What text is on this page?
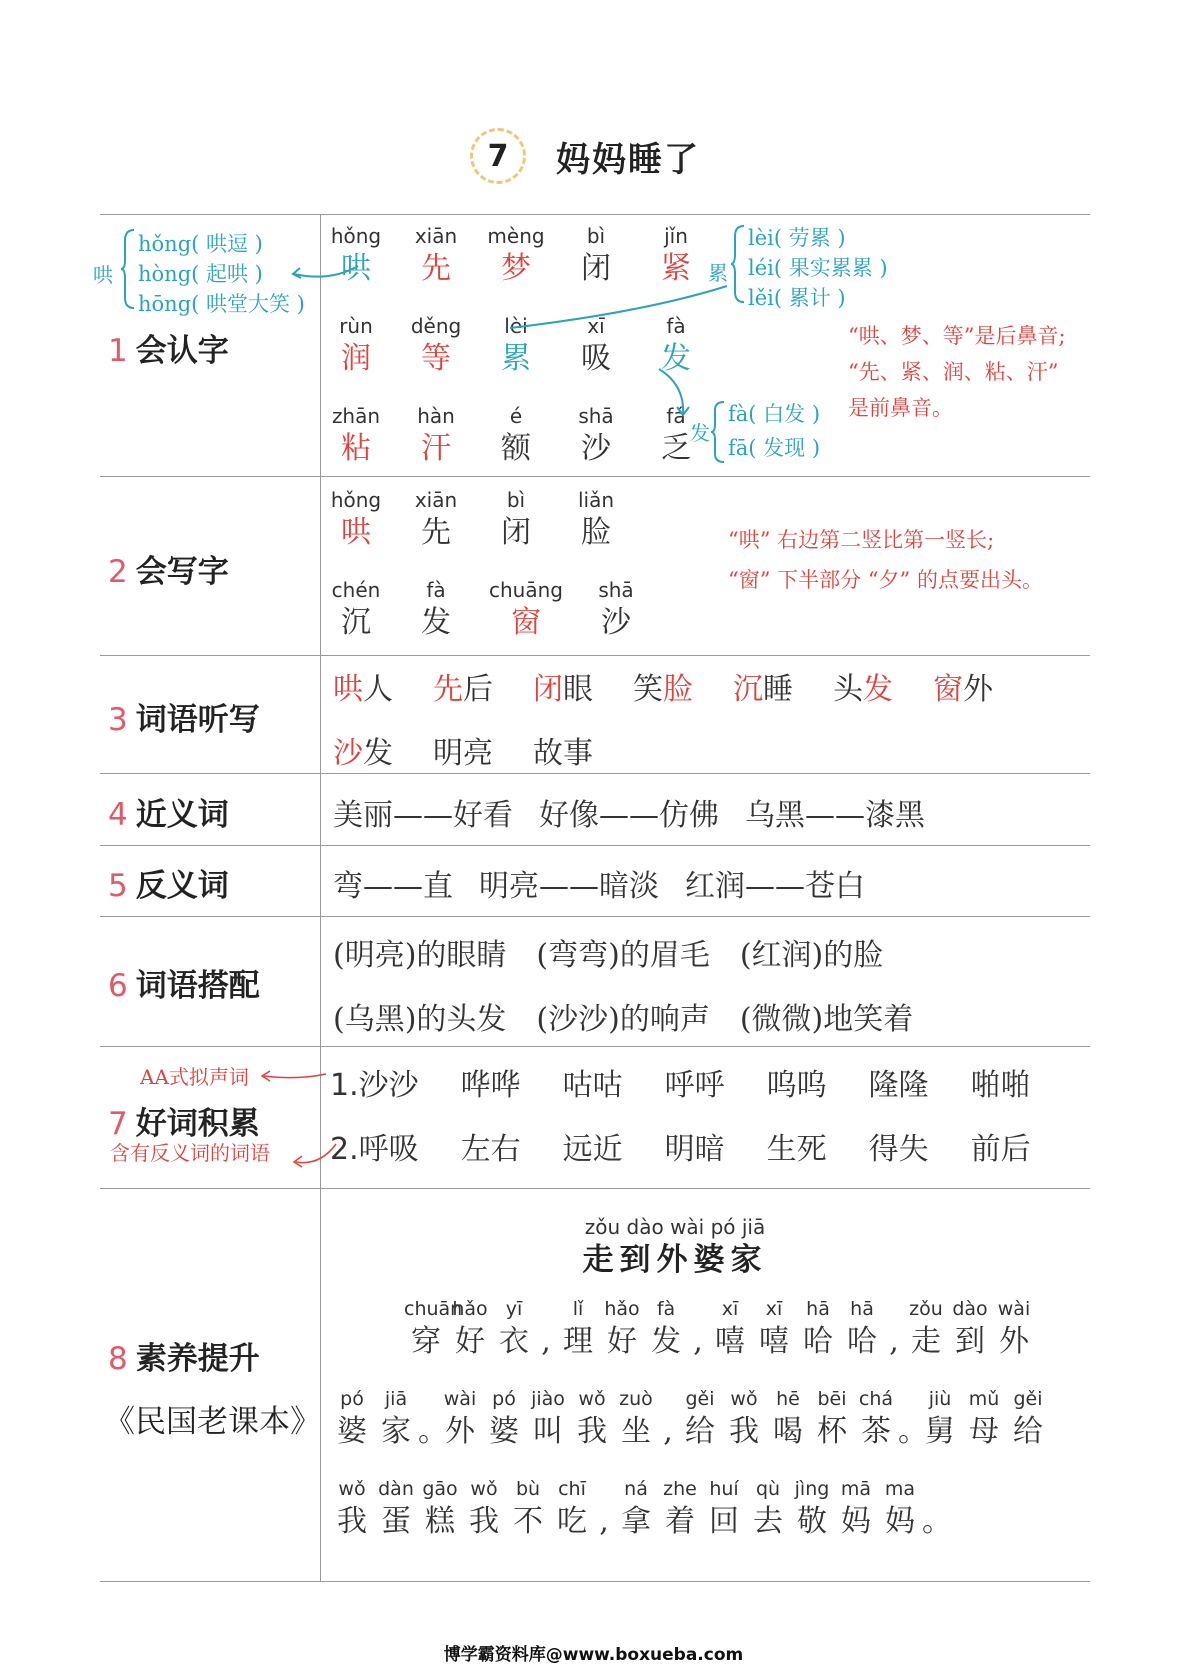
7 妈妈睡了
1 会认字
2 会写字
3 词语听写
4 近义词
5 反义词
6 词语搭配
7 好词积累
8 素养提升
《民国老课本》
hǒng
哄
xiān
先
mèng
梦
bì
闭
jǐn
紧
rùn
润
děng
等
lèi
累
xī
吸
fà
发
zhān
粘
hàn
汗
é
额
shā
沙
fá
乏
哄
hǒng( 哄逗 )
hòng( 起哄 )
hōng( 哄堂大笑 )
累
lèi( 劳累 )
léi( 果实累累 )
lěi( 累计 )
发
fà( 白发 )
fā( 发现 )
“哄、梦、等”是后鼻音;
“先、紧、润、粘、汗”
是前鼻音。
hǒng
哄
xiān
先
bì
闭
liǎn
脸
chén
沉
fà
发
chuāng
窗
shā
沙
“哄” 右边第二竖比第一竖长;
“窗” 下半部分 “夕” 的点要出头。
哄人 先后 闭眼 笑脸 沉睡 头发 窗外
沙发 明亮 故事
美丽——好看 好像——仿佛 乌黑——漆黑
弯——直 明亮——暗淡 红润——苍白
(明亮)的眼睛 (弯弯)的眉毛 (红润)的脸
(乌黑)的头发 (沙沙)的响声 (微微)地笑着
AA式拟声词
含有反义词的词语
1.沙沙 哗哗 咕咕 呼呼 呜呜 隆隆 啪啪
2.呼吸 左右 远近 明暗 生死 得失 前后
zǒu dào wài pó jiā
走到外婆家
chuān
穿
hǎo
好
yī
衣 ,
lǐ
理
hǎo
好
fà
发 ,
xī
嘻
xī
嘻
hā
哈
hā
哈 ,
zǒu
走
dào
到
wài
外
pó
婆
jiā
家 。
wài
外
pó
婆
jiào
叫
wǒ
我
zuò
坐 ,
gěi
给
wǒ
我
hē
喝
bēi
杯
chá
茶 。
jiù
舅
mǔ
母
gěi
给
wǒ
我
dàn
蛋
gāo
糕
wǒ
我
bù
不
chī
吃 ,
ná
拿
zhe
着
huí
回
qù
去
jìng
敬
mā
妈
ma
妈 。
博学霸资料库@www.boxueba.com
